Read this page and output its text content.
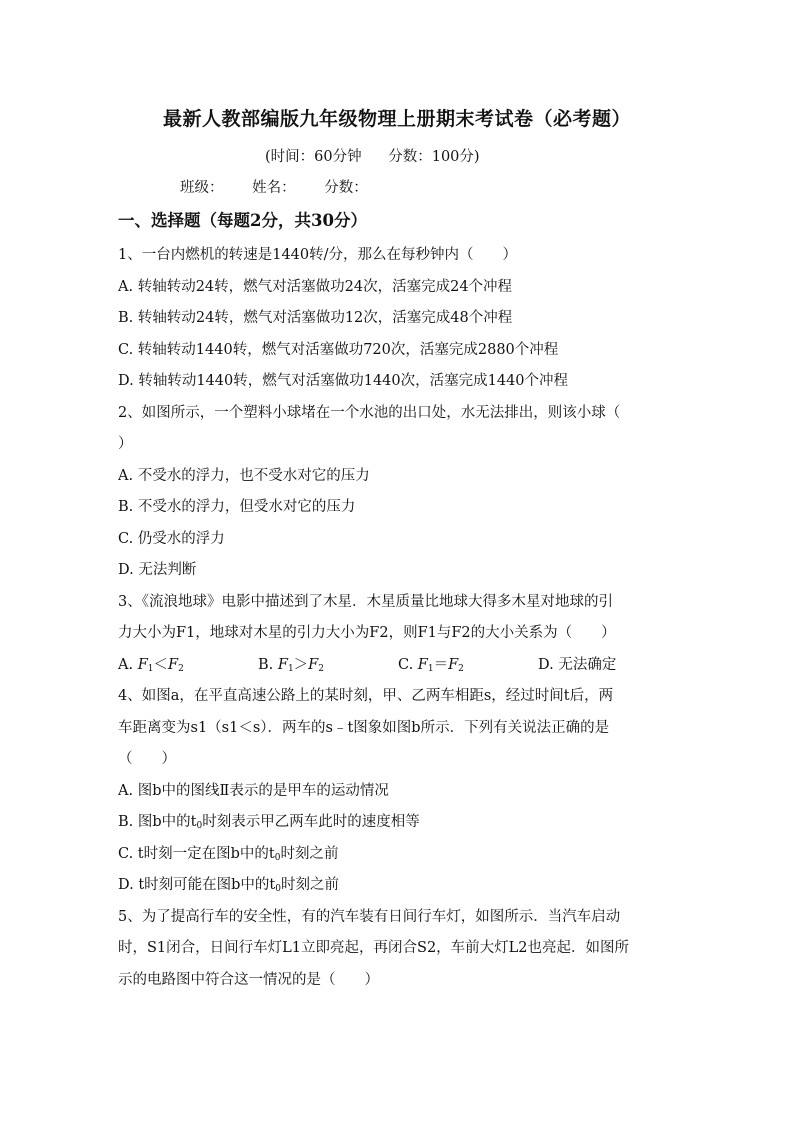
最新人教部编版九年级物理上册期末考试卷（必考题）
(时间：60分钟 分数：100分)
班级： 姓名： 分数：
一、选择题（每题2分，共30分）
1、一台内燃机的转速是1440转/分，那么在每秒钟内（　　）
A. 转轴转动24转，燃气对活塞做功24次，活塞完成24个冲程
B. 转轴转动24转，燃气对活塞做功12次，活塞完成48个冲程
C. 转轴转动1440转，燃气对活塞做功720次，活塞完成2880个冲程
D. 转轴转动1440转，燃气对活塞做功1440次，活塞完成1440个冲程
2、如图所示，一个塑料小球堵在一个水池的出口处，水无法排出，则该小球（
）
A. 不受水的浮力，也不受水对它的压力
B. 不受水的浮力，但受水对它的压力
C. 仍受水的浮力
D. 无法判断
3、《流浪地球》电影中描述到了木星．木星质量比地球大得多木星对地球的引
力大小为F1，地球对木星的引力大小为F2，则F1与F2的大小关系为（　　）
A. $F_1<F_2$	B. $F_1>F_2$	C. $F_1=F_2$	D. 无法确定
4、如图a，在平直高速公路上的某时刻，甲、乙两车相距s，经过时间t后，两
车距离变为s1（s1＜s）．两车的s﹣t图象如图b所示．下列有关说法正确的是
（　　）
A. 图b中的图线Ⅱ表示的是甲车的运动情况
B. 图b中的$t_0$时刻表示甲乙两车此时的速度相等
C. t时刻一定在图b中的$t_0$时刻之前
D. t时刻可能在图b中的$t_0$时刻之前
5、为了提高行车的安全性，有的汽车装有日间行车灯，如图所示．当汽车启动
时，S1闭合，日间行车灯L1立即亮起，再闭合S2，车前大灯L2也亮起．如图所
示的电路图中符合这一情况的是（　　）
